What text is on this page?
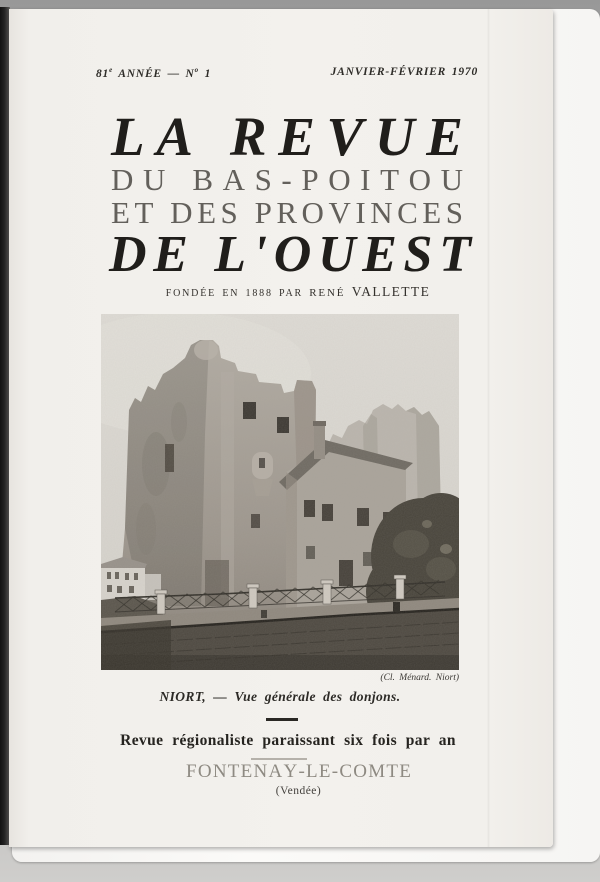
81e ANNÉE — $N^o$ 1	JANVIER-FÉVRIER 1970
L A
R E V U E
D U
B A S - P O I T O U
E T
D E S
P R O V I N C E S
D E
L ' O U E S T
FONDÉE EN 1888 PAR RENÉ VALLETTE
(Cl. Ménard. Niort)
NIORT, — Vue générale des donjons.
Revue régionaliste paraissant six fois par an
F O N T E N A Y - L E - C O M T E
(Vendée)
